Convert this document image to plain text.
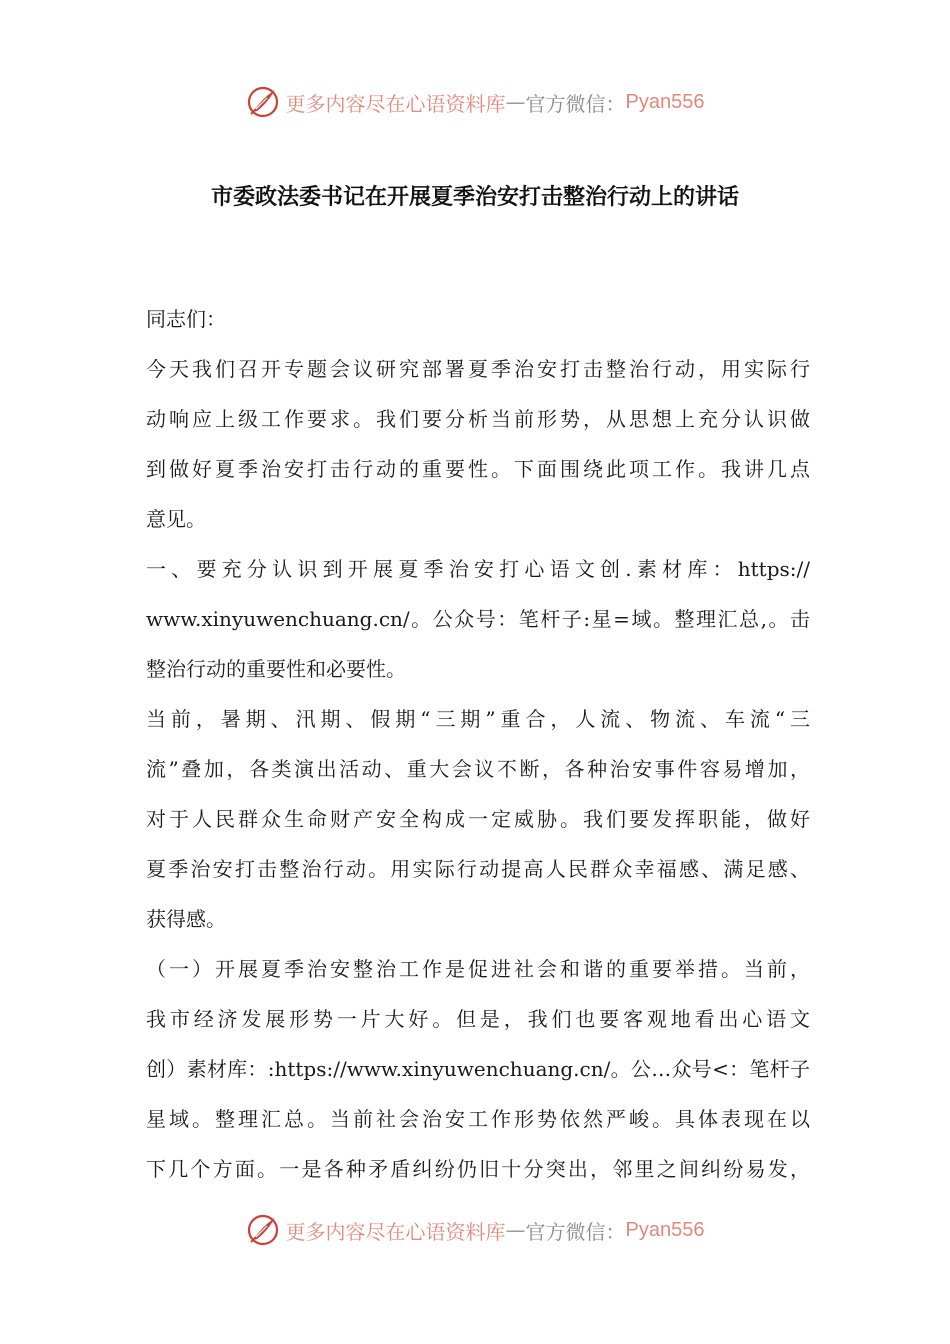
更多内容尽在心语资料库 — 官方微信： Pyan556
市委政法委书记在开展夏季治安打击整治行动上的讲话
同志们：
今天我们召开专题会议研究部署夏季治安打击整治行动，用实际行
动响应上级工作要求。我们要分析当前形势，从思想上充分认识做
到做好夏季治安打击行动的重要性。下面围绕此项工作。我讲几点
意见。
一、要充分认识到开展夏季治安打心语文创.素材库：https://
www.xinyuwenchuang.cn/。公众号：笔杆子:星=域。整理汇总,。击
整治行动的重要性和必要性。
当前，暑期、汛期、假期“三期”重合，人流、物流、车流“三
流”叠加，各类演出活动、重大会议不断，各种治安事件容易增加，
对于人民群众生命财产安全构成一定威胁。我们要发挥职能，做好
夏季治安打击整治行动。用实际行动提高人民群众幸福感、满足感、
获得感。
（一）开展夏季治安整治工作是促进社会和谐的重要举措。当前，
我市经济发展形势一片大好。但是，我们也要客观地看出心语文
创）素材库：:https://www.xinyuwenchuang.cn/。公…众号<：笔杆子
星域。整理汇总。当前社会治安工作形势依然严峻。具体表现在以
下几个方面。一是各种矛盾纠纷仍旧十分突出，邻里之间纠纷易发，
更多内容尽在心语资料库 — 官方微信： Pyan556
